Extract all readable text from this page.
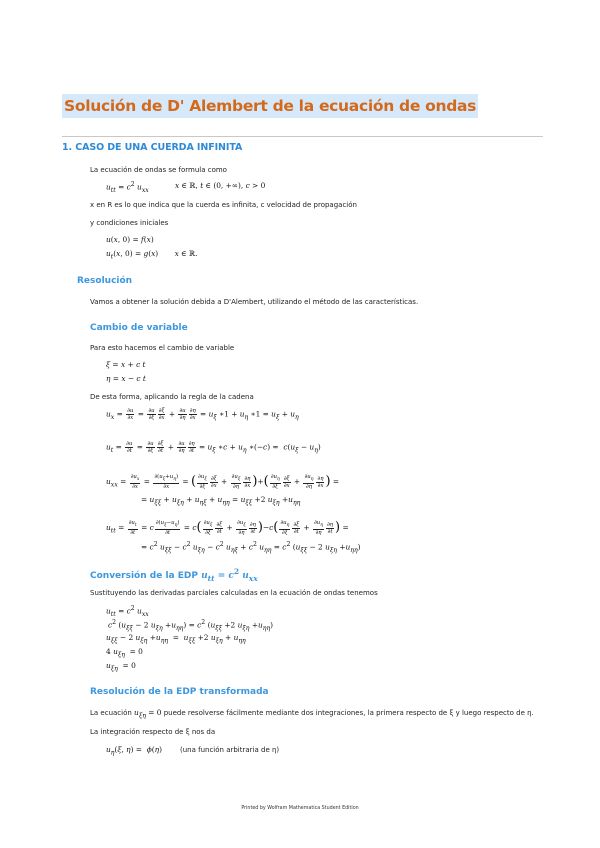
Solución de D' Alembert de la ecuación de ondas
1. CASO DE UNA CUERDA INFINITA
La ecuación de ondas se formula como
$u_{tt} = c^2$ $u_{xx}$
x ∈ ℝ, t ∈ (0, +∞), c > 0
x en R es lo que indica que la cuerda es infinita, c velocidad de propagación
y condiciones iniciales
u(x, 0) = f(x)
$u_t(x$, 0) = g(x)       x ∈ ℝ.
Resolución
Vamos a obtener la solución debida a D'Alembert, utilizando el método de las características.
Cambio de variable
Para esto hacemos el cambio de variable
ξ = x + c t
η = x − c t
De esta forma, aplicando la regla de la cadena
$u_x = \frac{\partial u}{\partial x} = \frac{\partial u}{\partial\xi} \frac{\partial\xi}{\partial x} + \frac{\partial u}{\partial\eta} \frac{\partial\eta}{\partial x} = u_\xi$ ∗1 + $u_\eta$ ∗1 = $u_\xi + u_\eta$
$u_t = \frac{\partial u}{\partial t} = \frac{\partial u}{\partial\xi} \frac{\partial\xi}{\partial t} + \frac{\partial u}{\partial\eta} \frac{\partial\eta}{\partial t} = u_\xi$ ∗c + $u_\eta$ ∗(−c) =  $c(u_\xi - u_\eta)$
$u_{xx} = \frac{\partial u_x}{\partial x} = \frac{\partial(u_\xi+u_\eta)}{\partial x}$ = ( $\frac{\partial u_\xi}{\partial\xi} \frac{\partial\xi}{\partial x} + \frac{\partial u_\xi}{\partial\eta} \frac{\partial\eta}{\partial x}$ )+( $\frac{\partial u_\eta}{\partial\xi} \frac{\partial\xi}{\partial x} + \frac{\partial u_\eta}{\partial\eta} \frac{\partial\eta}{\partial x}$ ) =
= $u_{\xi\xi} + u_{\xi\eta} + u_{\eta\xi} + u_{\eta\eta} = u_{\xi\xi} +2$ $u_{\xi\eta} +u_{\eta\eta}$
$u_{tt} = \frac{\partial u_t}{\partial t} = c \frac{\partial(u_\xi-u_\eta)}{\partial t} = c( \frac{\partial u_\xi}{\partial\xi} \frac{\partial\xi}{\partial t} + \frac{\partial u_\xi}{\partial\eta} \frac{\partial\eta}{\partial t} )-c( \frac{\partial u_\eta}{\partial\xi} \frac{\partial\xi}{\partial t} + \frac{\partial u_\eta}{\partial\eta} \frac{\partial\eta}{\partial t}$ ) =
= $c^2$ $u_{\xi\xi} - c^2$ $u_{\xi\eta} - c^2$ $u_{\eta\xi} + c^2$ $u_{\eta\eta} = c^2$ ($u_{\xi\xi} - 2$ $u_{\xi\eta} +u_{\eta\eta}$)
Conversión de la EDP $u_{tt} = c^2$ $u_{xx}$
Sustituyendo las derivadas parciales calculadas en la ecuación de ondas tenemos
$u_{tt} = c^2$ $u_{xx}$
$c^2$ ($u_{\xi\xi} - 2$ $u_{\xi\eta} +u_{\eta\eta}) = c^2$ ($u_{\xi\xi} +2$ $u_{\xi\eta} +u_{\eta\eta}$)
$u_{\xi\xi} - 2$ $u_{\xi\eta} +u_{\eta\eta} = u_{\xi\xi} +2$ $u_{\xi\eta} + u_{\eta\eta}$
4 $u_{\xi\eta} = 0$
$u_{\xi\eta} = 0$
Resolución de la EDP transformada
La ecuación $u_{\xi\eta} = 0$ puede resolverse fácilmente mediante dos integraciones, la primera respecto de ξ y luego respecto de η.
La integración respecto de ξ nos da
$u_\eta(\xi$, η) =  ϕ(η)	(una función arbitraria de η)
Printed by Wolfram Mathematica Student Edition
